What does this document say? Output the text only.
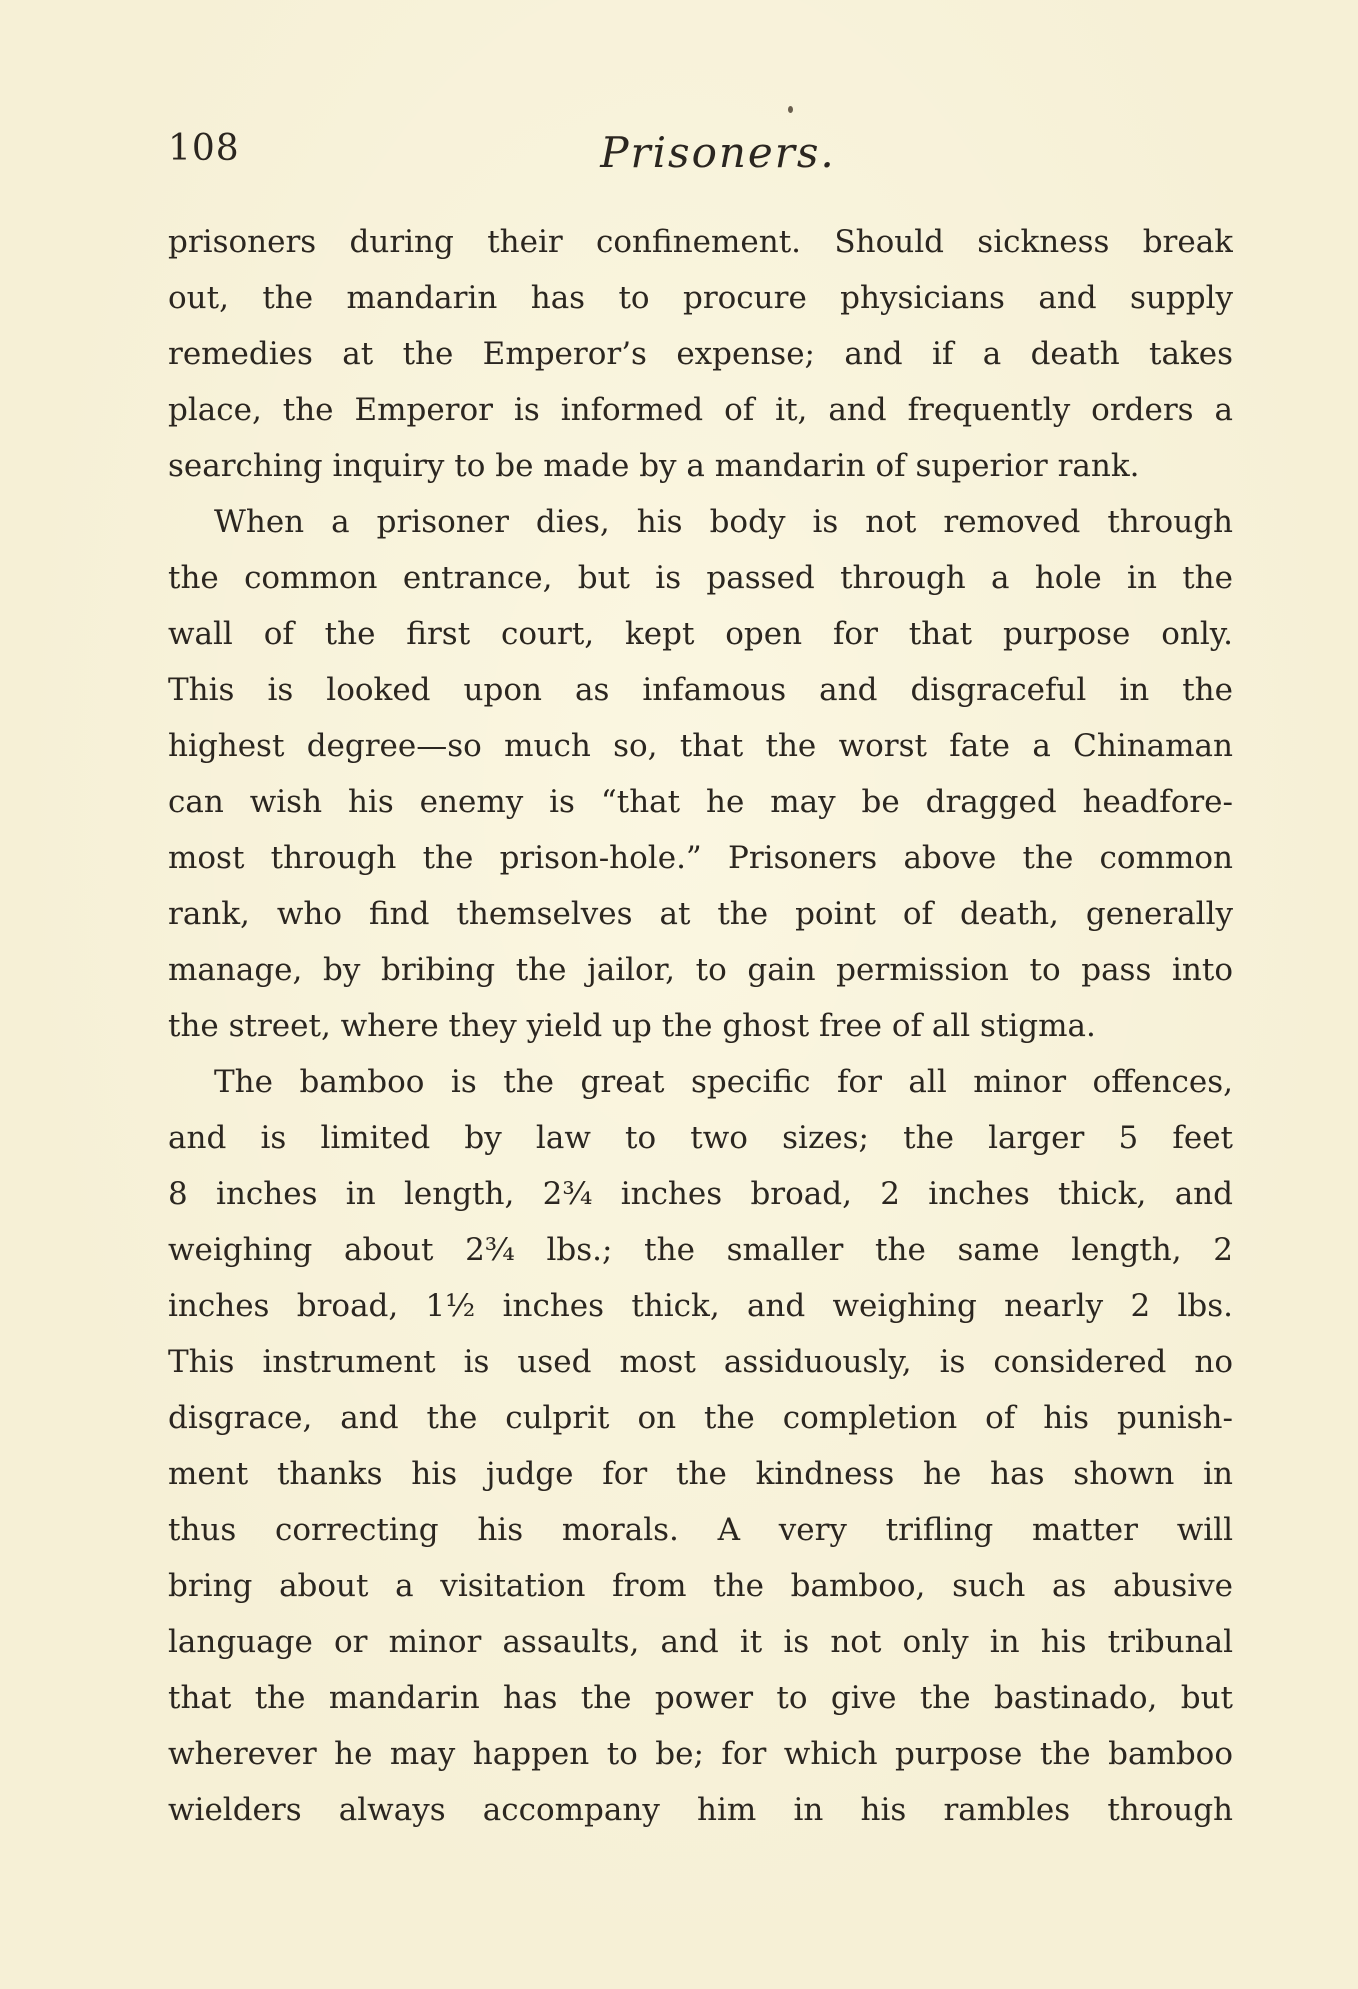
108	Prisoners.
prisoners during their confinement. Should sickness break
out, the mandarin has to procure physicians and supply
remedies at the Emperor’s expense; and if a death takes
place, the Emperor is informed of it, and frequently orders a
searching inquiry to be made by a mandarin of superior rank.
When a prisoner dies, his body is not removed through
the common entrance, but is passed through a hole in the
wall of the first court, kept open for that purpose only.
This is looked upon as infamous and disgraceful in the
highest degree—so much so, that the worst fate a Chinaman
can wish his enemy is “that he may be dragged headfore-
most through the prison-hole.” Prisoners above the common
rank, who find themselves at the point of death, generally
manage, by bribing the jailor, to gain permission to pass into
the street, where they yield up the ghost free of all stigma.
The bamboo is the great specific for all minor offences,
and is limited by law to two sizes; the larger 5 feet
8 inches in length, 2¾ inches broad, 2 inches thick, and
weighing about 2¾ lbs.; the smaller the same length, 2
inches broad, 1½ inches thick, and weighing nearly 2 lbs.
This instrument is used most assiduously, is considered no
disgrace, and the culprit on the completion of his punish-
ment thanks his judge for the kindness he has shown in
thus correcting his morals. A very trifling matter will
bring about a visitation from the bamboo, such as abusive
language or minor assaults, and it is not only in his tribunal
that the mandarin has the power to give the bastinado, but
wherever he may happen to be; for which purpose the bamboo
wielders always accompany him in his rambles through
